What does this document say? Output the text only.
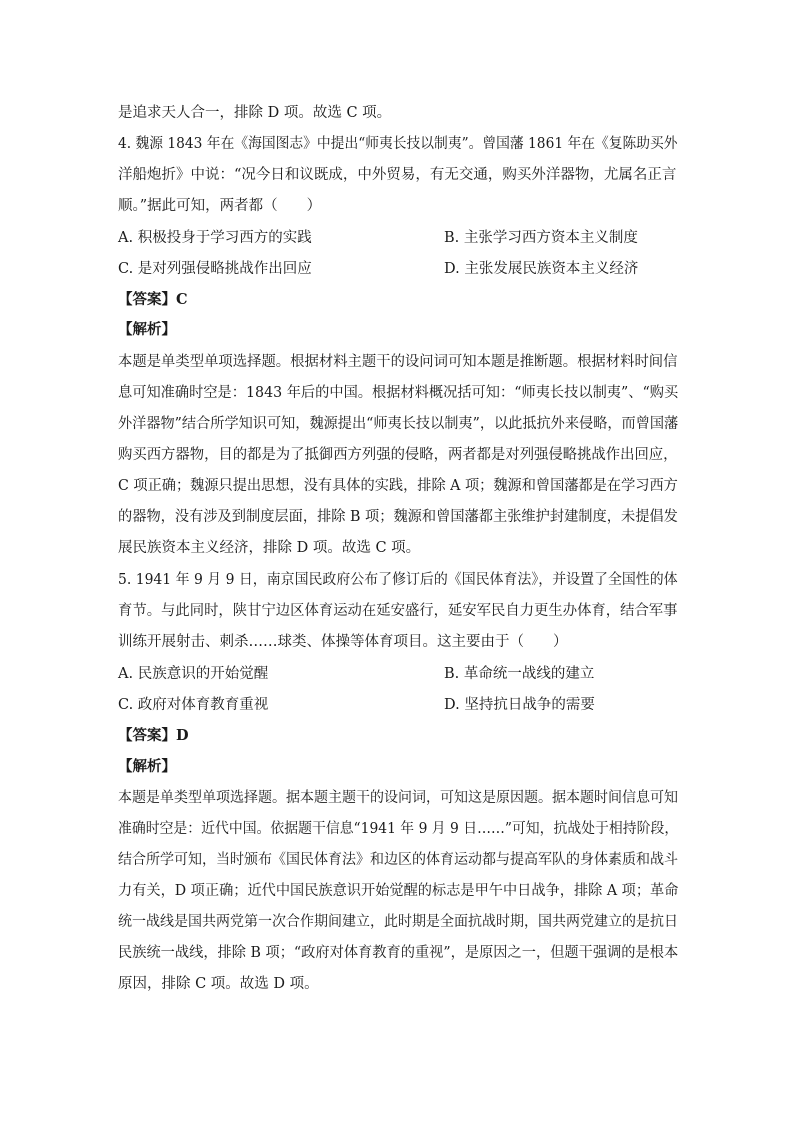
是追求天人合一，排除 D 项。故选 C 项。
4. 魏源 1843 年在《海国图志》中提出“师夷长技以制夷”。曾国藩 1861 年在《复陈助买外
洋船炮折》中说：“况今日和议既成，中外贸易，有无交通，购买外洋器物，尤属名正言
顺。”据此可知，两者都（　　）
A. 积极投身于学习西方的实践	B. 主张学习西方资本主义制度
C. 是对列强侵略挑战作出回应	D. 主张发展民族资本主义经济
【答案】C
【解析】
本题是单类型单项选择题。根据材料主题干的设问词可知本题是推断题。根据材料时间信
息可知准确时空是：1843 年后的中国。根据材料概况括可知：“师夷长技以制夷”、“购买
外洋器物”结合所学知识可知，魏源提出“师夷长技以制夷”，以此抵抗外来侵略，而曾国藩
购买西方器物，目的都是为了抵御西方列强的侵略，两者都是对列强侵略挑战作出回应，
C 项正确；魏源只提出思想，没有具体的实践，排除 A 项；魏源和曾国藩都是在学习西方
的器物，没有涉及到制度层面，排除 B 项；魏源和曾国藩都主张维护封建制度，未提倡发
展民族资本主义经济，排除 D 项。故选 C 项。
5. 1941 年 9 月 9 日，南京国民政府公布了修订后的《国民体育法》，并设置了全国性的体
育节。与此同时，陕甘宁边区体育运动在延安盛行，延安军民自力更生办体育，结合军事
训练开展射击、刺杀……球类、体操等体育项目。这主要由于（　　）
A. 民族意识的开始觉醒	B. 革命统一战线的建立
C. 政府对体育教育重视	D. 坚持抗日战争的需要
【答案】D
【解析】
本题是单类型单项选择题。据本题主题干的设问词，可知这是原因题。据本题时间信息可知
准确时空是：近代中国。依据题干信息“1941 年 9 月 9 日……”可知，抗战处于相持阶段，
结合所学可知，当时颁布《国民体育法》和边区的体育运动都与提高军队的身体素质和战斗
力有关，D 项正确；近代中国民族意识开始觉醒的标志是甲午中日战争，排除 A 项；革命
统一战线是国共两党第一次合作期间建立，此时期是全面抗战时期，国共两党建立的是抗日
民族统一战线，排除 B 项；“政府对体育教育的重视”，是原因之一，但题干强调的是根本
原因，排除 C 项。故选 D 项。
